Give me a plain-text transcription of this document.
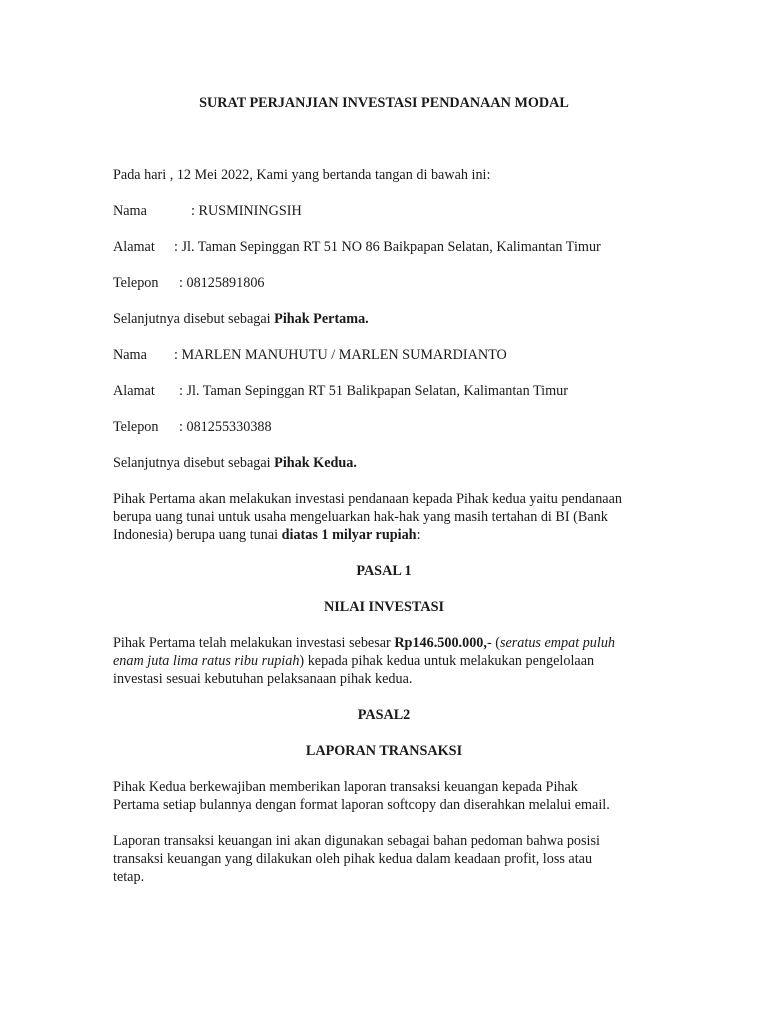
SURAT PERJANJIAN INVESTASI PENDANAAN MODAL
Pada hari , 12 Mei 2022, Kami yang bertanda tangan di bawah ini:
Nama	: RUSMININGSIH
Alamat : Jl. Taman Sepinggan RT 51 NO 86 Baikpapan Selatan, Kalimantan Timur
Telepon : 08125891806
Selanjutnya disebut sebagai Pihak Pertama.
Nama : MARLEN MANUHUTU / MARLEN SUMARDIANTO
Alamat : Jl. Taman Sepinggan RT 51 Balikpapan Selatan, Kalimantan Timur
Telepon : 081255330388
Selanjutnya disebut sebagai Pihak Kedua.
Pihak Pertama akan melakukan investasi pendanaan kepada Pihak kedua yaitu pendanaan
berupa uang tunai untuk usaha mengeluarkan hak-hak yang masih tertahan di BI (Bank
Indonesia) berupa uang tunai diatas 1 milyar rupiah:
PASAL 1
NILAI INVESTASI
Pihak Pertama telah melakukan investasi sebesar Rp146.500.000,- (seratus empat puluh
enam juta lima ratus ribu rupiah) kepada pihak kedua untuk melakukan pengelolaan
investasi sesuai kebutuhan pelaksanaan pihak kedua.
PASAL2
LAPORAN TRANSAKSI
Pihak Kedua berkewajiban memberikan laporan transaksi keuangan kepada Pihak
Pertama setiap bulannya dengan format laporan softcopy dan diserahkan melalui email.
Laporan transaksi keuangan ini akan digunakan sebagai bahan pedoman bahwa posisi
transaksi keuangan yang dilakukan oleh pihak kedua dalam keadaan profit, loss atau
tetap.
